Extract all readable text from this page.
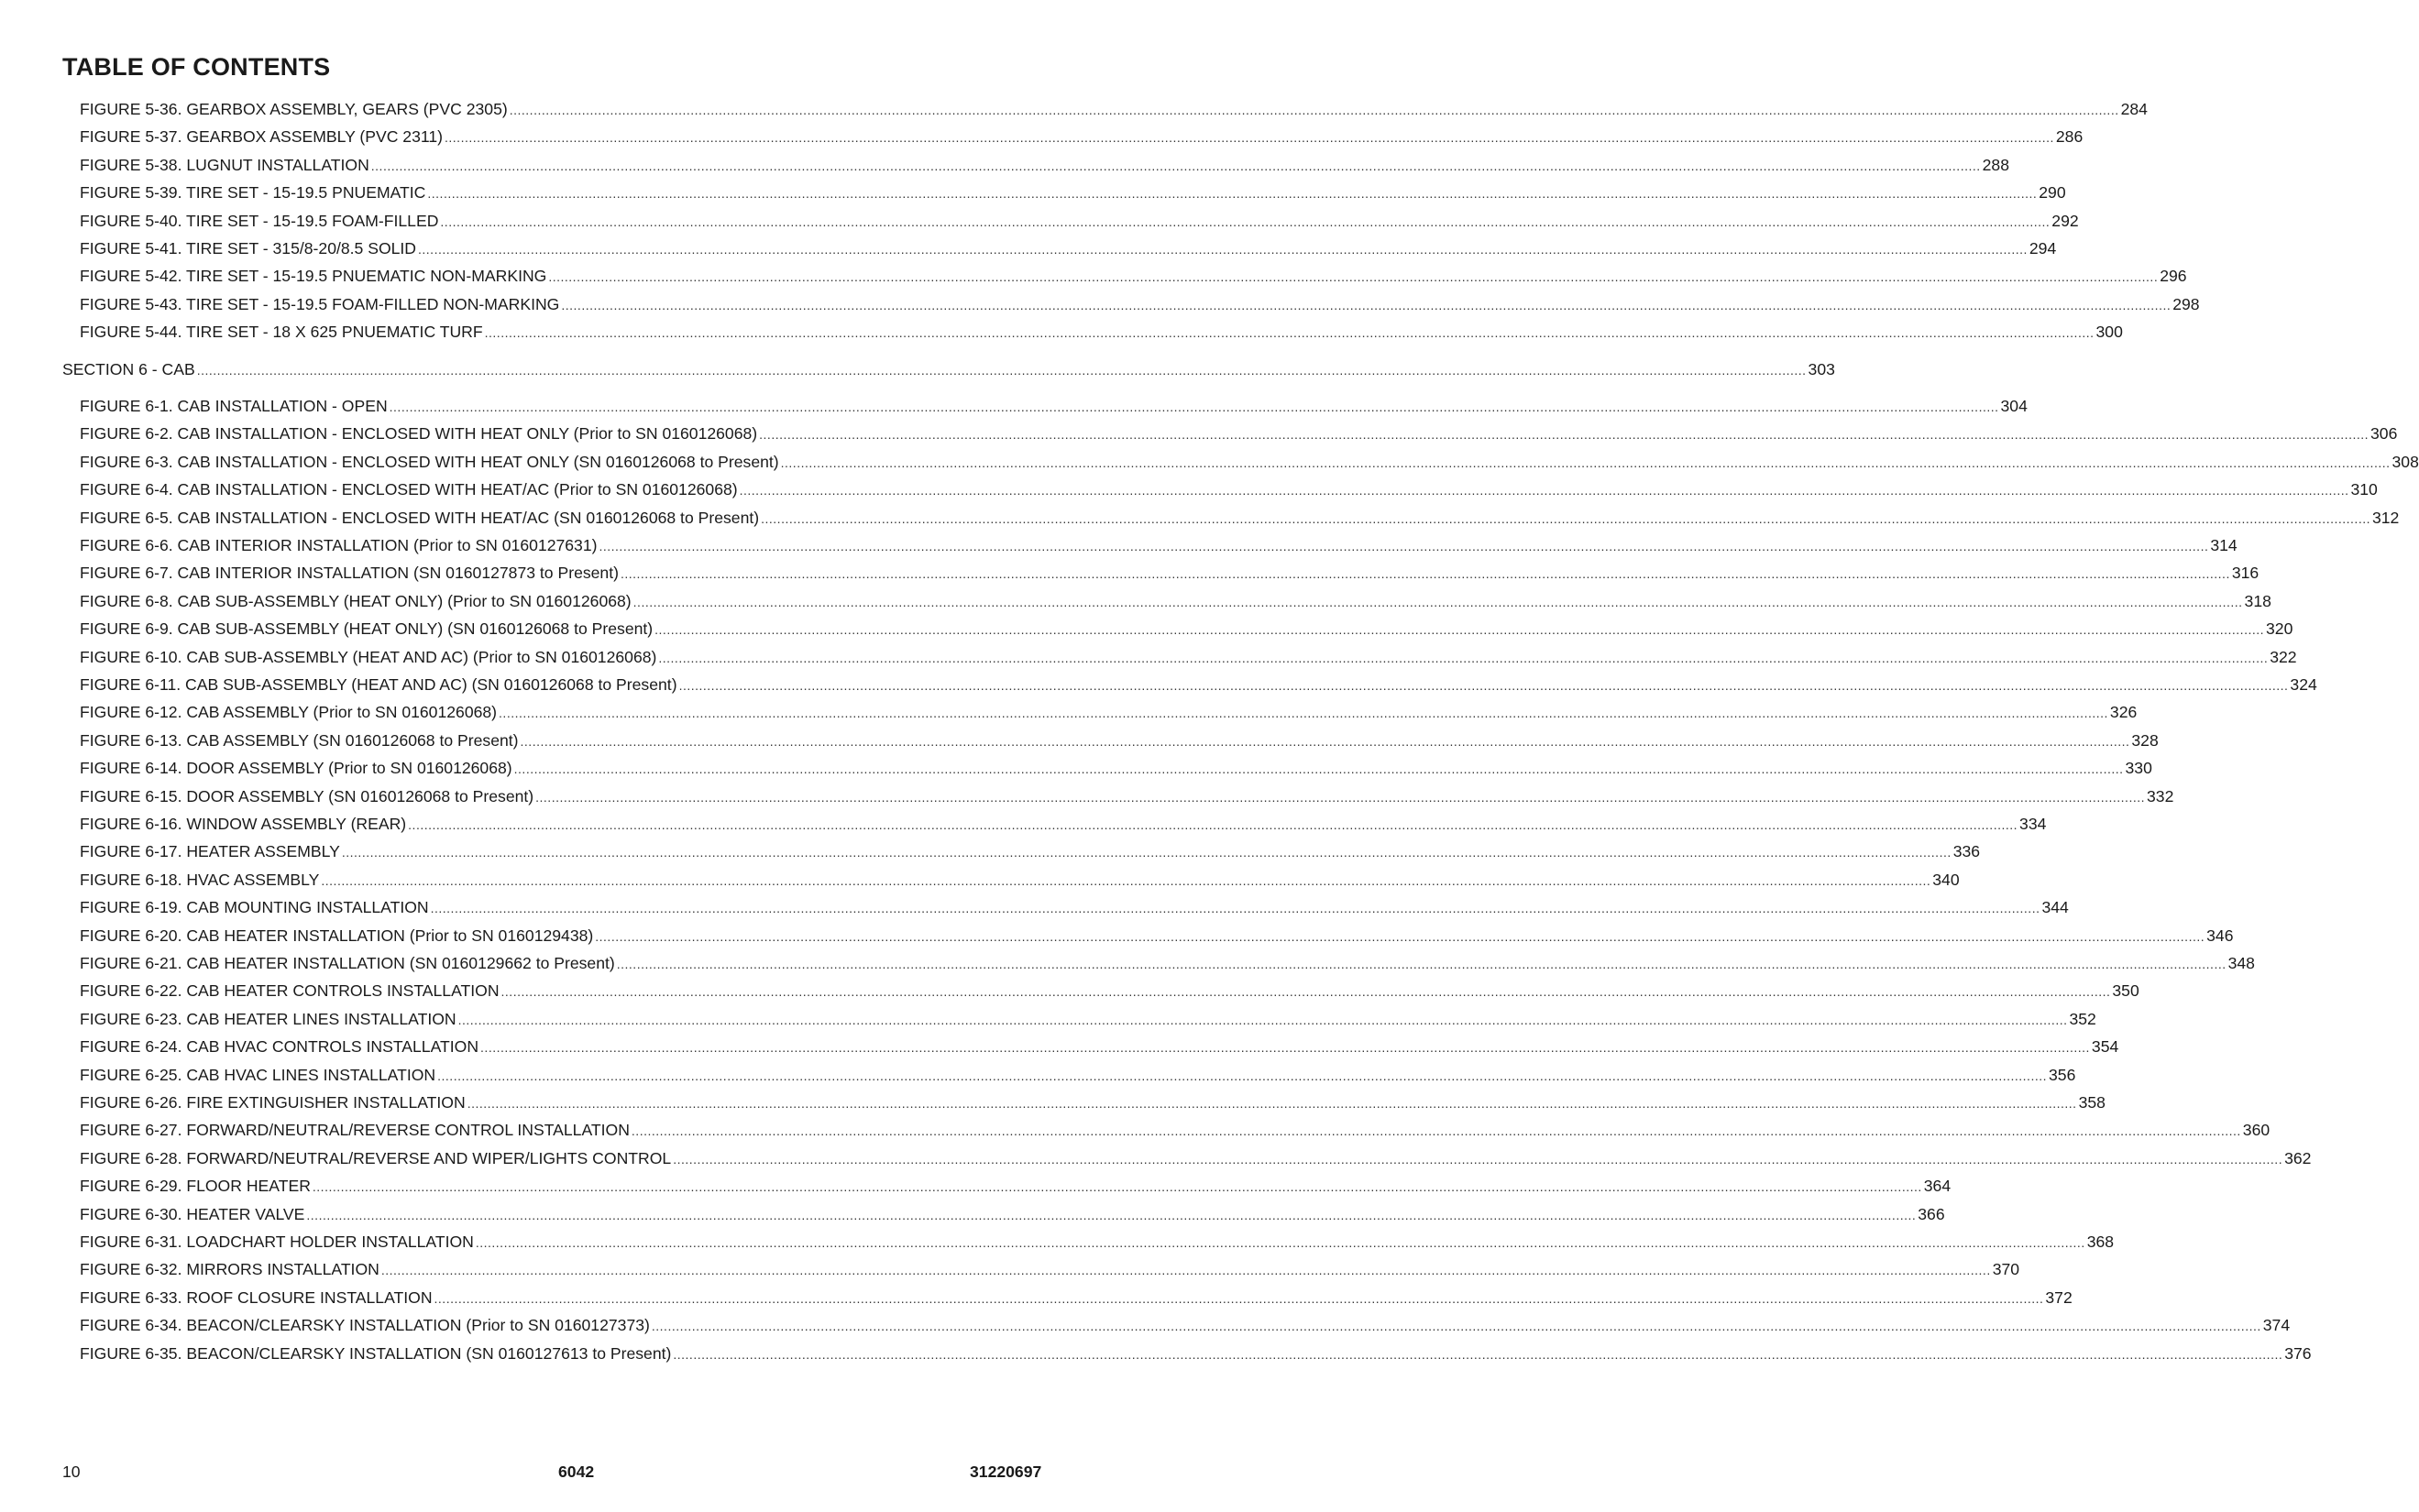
TABLE OF CONTENTS
FIGURE 5-36. GEARBOX ASSEMBLY, GEARS (PVC 2305) ................................................................................................................................................................................................................................................................................................................................................................................................................ 284
FIGURE 5-37. GEARBOX ASSEMBLY (PVC 2311) ................................................................................................................................................................................................................................................................................................................................................................................................................ 286
FIGURE 5-38. LUGNUT INSTALLATION ................................................................................................................................................................................................................................................................................................................................................................................................................ 288
FIGURE 5-39. TIRE SET - 15-19.5 PNUEMATIC ................................................................................................................................................................................................................................................................................................................................................................................................................ 290
FIGURE 5-40. TIRE SET - 15-19.5 FOAM-FILLED ................................................................................................................................................................................................................................................................................................................................................................................................................ 292
FIGURE 5-41. TIRE SET - 315/8-20/8.5 SOLID ................................................................................................................................................................................................................................................................................................................................................................................................................ 294
FIGURE 5-42. TIRE SET - 15-19.5 PNUEMATIC NON-MARKING ................................................................................................................................................................................................................................................................................................................................................................................................................ 296
FIGURE 5-43. TIRE SET - 15-19.5 FOAM-FILLED NON-MARKING ................................................................................................................................................................................................................................................................................................................................................................................................................ 298
FIGURE 5-44. TIRE SET - 18 X 625 PNUEMATIC TURF ................................................................................................................................................................................................................................................................................................................................................................................................................ 300
SECTION 6 - CAB ................................................................................................................................................................................................................................................................................................................................................................................................................ 303
FIGURE 6-1. CAB INSTALLATION - OPEN ................................................................................................................................................................................................................................................................................................................................................................................................................ 304
FIGURE 6-2. CAB INSTALLATION - ENCLOSED WITH HEAT ONLY (Prior to SN 0160126068) ................................................................................................................................................................................................................................................................................................................................................................................................................ 306
FIGURE 6-3. CAB INSTALLATION - ENCLOSED WITH HEAT ONLY (SN 0160126068 to Present) ................................................................................................................................................................................................................................................................................................................................................................................................................ 308
FIGURE 6-4. CAB INSTALLATION - ENCLOSED WITH HEAT/AC (Prior to SN 0160126068) ................................................................................................................................................................................................................................................................................................................................................................................................................ 310
FIGURE 6-5. CAB INSTALLATION - ENCLOSED WITH HEAT/AC (SN 0160126068 to Present) ................................................................................................................................................................................................................................................................................................................................................................................................................ 312
FIGURE 6-6. CAB INTERIOR INSTALLATION (Prior to SN 0160127631) ................................................................................................................................................................................................................................................................................................................................................................................................................ 314
FIGURE 6-7. CAB INTERIOR INSTALLATION (SN 0160127873 to Present) ................................................................................................................................................................................................................................................................................................................................................................................................................ 316
FIGURE 6-8. CAB SUB-ASSEMBLY (HEAT ONLY) (Prior to SN 0160126068) ................................................................................................................................................................................................................................................................................................................................................................................................................ 318
FIGURE 6-9. CAB SUB-ASSEMBLY (HEAT ONLY) (SN 0160126068 to Present) ................................................................................................................................................................................................................................................................................................................................................................................................................ 320
FIGURE 6-10. CAB SUB-ASSEMBLY (HEAT AND AC) (Prior to SN 0160126068) ................................................................................................................................................................................................................................................................................................................................................................................................................ 322
FIGURE 6-11. CAB SUB-ASSEMBLY (HEAT AND AC) (SN 0160126068 to Present) ................................................................................................................................................................................................................................................................................................................................................................................................................ 324
FIGURE 6-12. CAB ASSEMBLY (Prior to SN 0160126068) ................................................................................................................................................................................................................................................................................................................................................................................................................ 326
FIGURE 6-13. CAB ASSEMBLY (SN 0160126068 to Present) ................................................................................................................................................................................................................................................................................................................................................................................................................ 328
FIGURE 6-14. DOOR ASSEMBLY (Prior to SN 0160126068) ................................................................................................................................................................................................................................................................................................................................................................................................................ 330
FIGURE 6-15. DOOR ASSEMBLY (SN 0160126068 to Present) ................................................................................................................................................................................................................................................................................................................................................................................................................ 332
FIGURE 6-16. WINDOW ASSEMBLY (REAR) ................................................................................................................................................................................................................................................................................................................................................................................................................ 334
FIGURE 6-17. HEATER ASSEMBLY ................................................................................................................................................................................................................................................................................................................................................................................................................ 336
FIGURE 6-18. HVAC ASSEMBLY ................................................................................................................................................................................................................................................................................................................................................................................................................ 340
FIGURE 6-19. CAB MOUNTING INSTALLATION ................................................................................................................................................................................................................................................................................................................................................................................................................ 344
FIGURE 6-20. CAB HEATER INSTALLATION (Prior to SN 0160129438) ................................................................................................................................................................................................................................................................................................................................................................................................................ 346
FIGURE 6-21. CAB HEATER INSTALLATION (SN 0160129662 to Present) ................................................................................................................................................................................................................................................................................................................................................................................................................ 348
FIGURE 6-22. CAB HEATER CONTROLS INSTALLATION ................................................................................................................................................................................................................................................................................................................................................................................................................ 350
FIGURE 6-23. CAB HEATER LINES INSTALLATION ................................................................................................................................................................................................................................................................................................................................................................................................................ 352
FIGURE 6-24. CAB HVAC CONTROLS INSTALLATION ................................................................................................................................................................................................................................................................................................................................................................................................................ 354
FIGURE 6-25. CAB HVAC LINES INSTALLATION ................................................................................................................................................................................................................................................................................................................................................................................................................ 356
FIGURE 6-26. FIRE EXTINGUISHER INSTALLATION ................................................................................................................................................................................................................................................................................................................................................................................................................ 358
FIGURE 6-27. FORWARD/NEUTRAL/REVERSE CONTROL INSTALLATION ................................................................................................................................................................................................................................................................................................................................................................................................................ 360
FIGURE 6-28. FORWARD/NEUTRAL/REVERSE AND WIPER/LIGHTS CONTROL ................................................................................................................................................................................................................................................................................................................................................................................................................ 362
FIGURE 6-29. FLOOR HEATER ................................................................................................................................................................................................................................................................................................................................................................................................................ 364
FIGURE 6-30. HEATER VALVE ................................................................................................................................................................................................................................................................................................................................................................................................................ 366
FIGURE 6-31. LOADCHART HOLDER INSTALLATION ................................................................................................................................................................................................................................................................................................................................................................................................................ 368
FIGURE 6-32. MIRRORS INSTALLATION ................................................................................................................................................................................................................................................................................................................................................................................................................ 370
FIGURE 6-33. ROOF CLOSURE INSTALLATION ................................................................................................................................................................................................................................................................................................................................................................................................................ 372
FIGURE 6-34. BEACON/CLEARSKY INSTALLATION (Prior to SN 0160127373) ................................................................................................................................................................................................................................................................................................................................................................................................................ 374
FIGURE 6-35. BEACON/CLEARSKY INSTALLATION (SN 0160127613 to Present) ................................................................................................................................................................................................................................................................................................................................................................................................................ 376
10	6042	31220697
